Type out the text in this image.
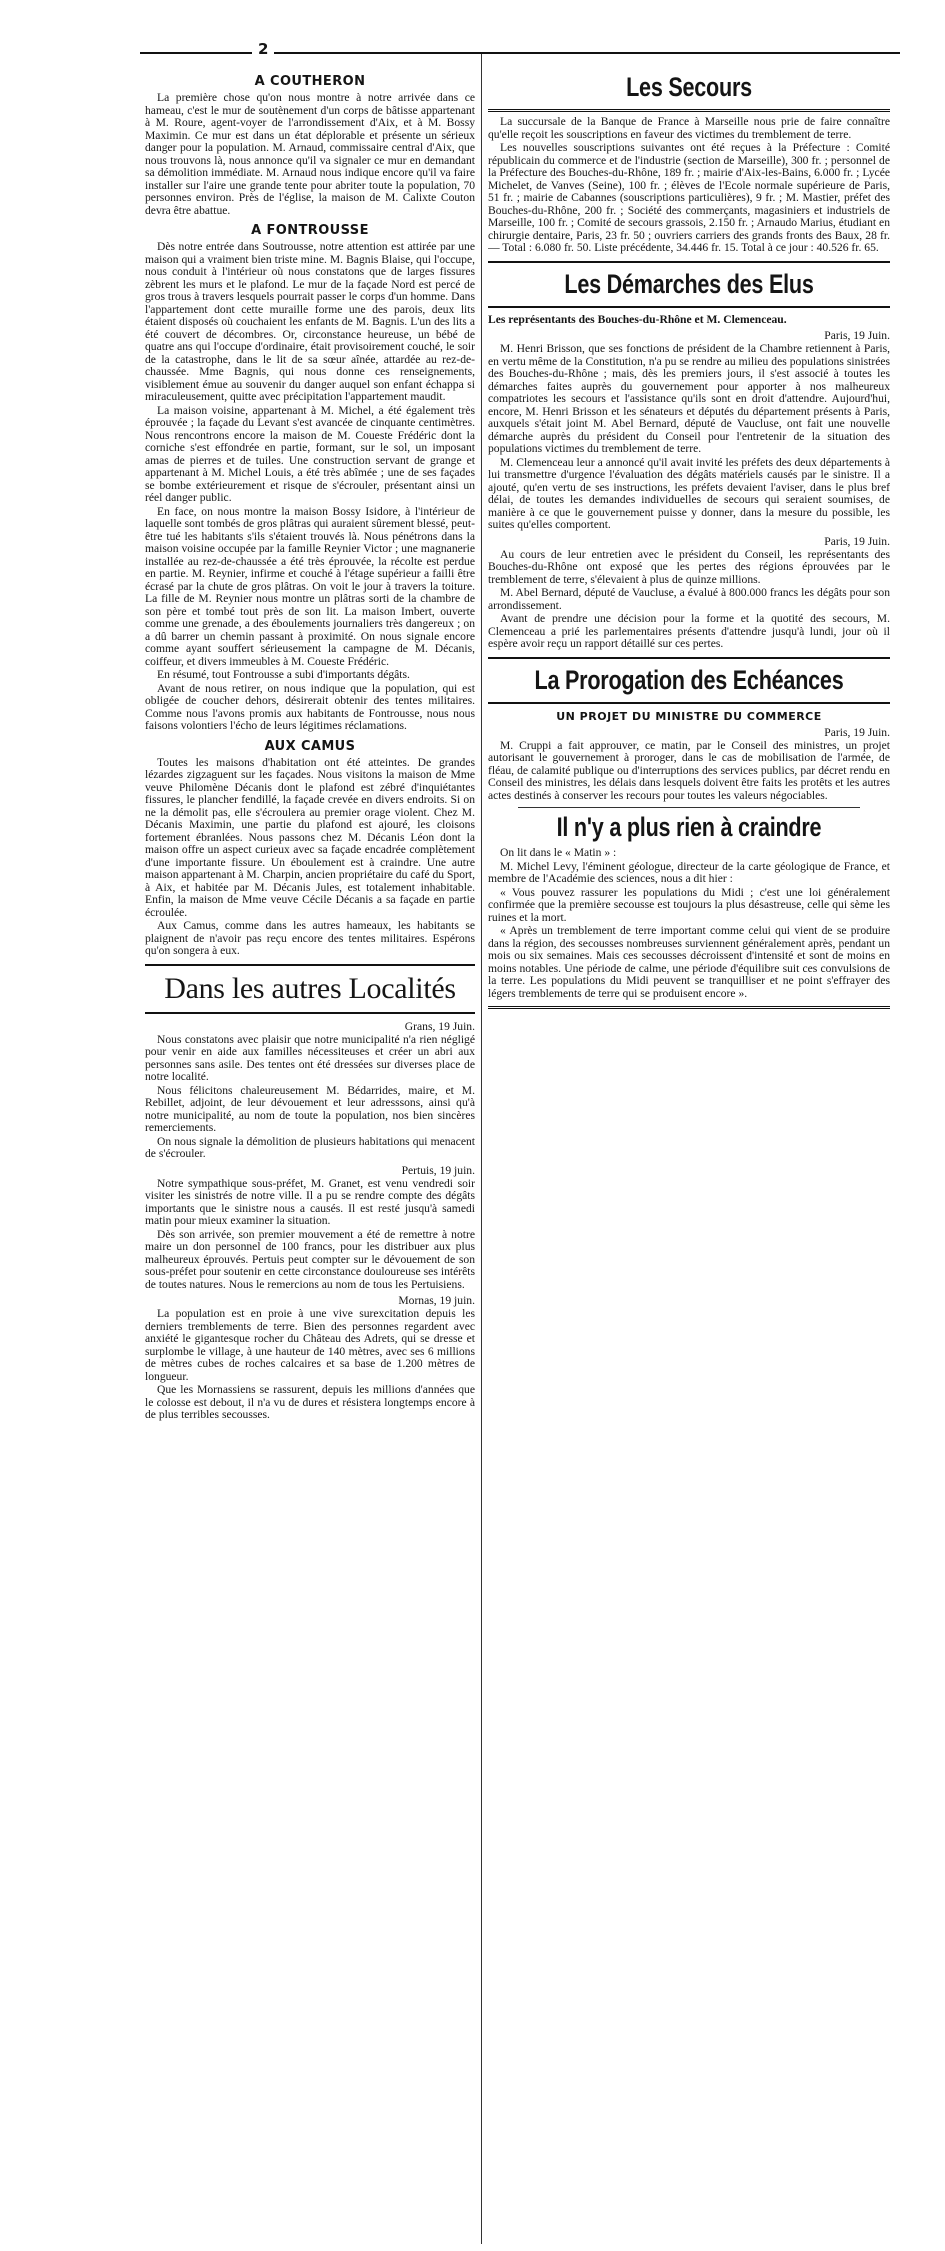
2
A COUTHERON

La première chose qu'on nous montre à notre arrivée dans ce hameau, c'est le mur de soutènement d'un corps de bâtisse appartenant à M. Roure, agent-voyer de l'arrondissement d'Aix, et à M. Bossy Maximin. Ce mur est dans un état déplorable et présente un sérieux danger pour la population. M. Arnaud, commissaire central d'Aix, que nous trouvons là, nous annonce qu'il va signaler ce mur en demandant sa démolition immédiate. M. Arnaud nous indique encore qu'il va faire installer sur l'aire une grande tente pour abriter toute la population, 70 personnes environ. Près de l'église, la maison de M. Calixte Couton devra être abattue.

A FONTROUSSE

Dès notre entrée dans Soutrousse, notre attention est attirée par une maison qui a vraiment bien triste mine. M. Bagnis Blaise, qui l'occupe, nous conduit à l'intérieur où nous constatons que de larges fissures zèbrent les murs et le plafond. Le mur de la façade Nord est percé de gros trous à travers lesquels pourrait passer le corps d'un homme. Dans l'appartement dont cette muraille forme une des parois, deux lits étaient disposés où couchaient les enfants de M. Bagnis. L'un des lits a été couvert de décombres. Or, circonstance heureuse, un bébé de quatre ans qui l'occupe d'ordinaire, était provisoirement couché, le soir de la catastrophe, dans le lit de sa sœur aînée, attardée au rez-de-chaussée. Mme Bagnis, qui nous donne ces renseignements, visiblement émue au souvenir du danger auquel son enfant échappa si miraculeusement, quitte avec précipitation l'appartement maudit.

La maison voisine, appartenant à M. Michel, a été également très éprouvée ; la façade du Levant s'est avancée de cinquante centimètres. Nous rencontrons encore la maison de M. Coueste Frédéric dont la corniche s'est effondrée en partie, formant, sur le sol, un imposant amas de pierres et de tuiles. Une construction servant de grange et appartenant à M. Michel Louis, a été très abîmée ; une de ses façades se bombe extérieurement et risque de s'écrouler, présentant ainsi un réel danger public.

En face, on nous montre la maison Bossy Isidore, à l'intérieur de laquelle sont tombés de gros plâtras qui auraient sûrement blessé, peut-être tué les habitants s'ils s'étaient trouvés là. Nous pénétrons dans la maison voisine occupée par la famille Reynier Victor ; une magnanerie installée au rez-de-chaussée a été très éprouvée, la récolte est perdue en partie. M. Reynier, infirme et couché à l'étage supérieur a failli être écrasé par la chute de gros plâtras. On voit le jour à travers la toiture. La fille de M. Reynier nous montre un plâtras sorti de la chambre de son père et tombé tout près de son lit. La maison Imbert, ouverte comme une grenade, a des éboulements journaliers très dangereux ; on a dû barrer un chemin passant à proximité. On nous signale encore comme ayant souffert sérieusement la campagne de M. Décanis, coiffeur, et divers immeubles à M. Coueste Frédéric.

En résumé, tout Fontrousse a subi d'importants dégâts.

Avant de nous retirer, on nous indique que la population, qui est obligée de coucher dehors, désirerait obtenir des tentes militaires. Comme nous l'avons promis aux habitants de Fontrousse, nous nous faisons volontiers l'écho de leurs légitimes réclamations.

AUX CAMUS

Toutes les maisons d'habitation ont été atteintes. De grandes lézardes zigzaguent sur les façades. Nous visitons la maison de Mme veuve Philomène Décanis dont le plafond est zébré d'inquiétantes fissures, le plancher fendillé, la façade crevée en divers endroits. Si on ne la démolit pas, elle s'écroulera au premier orage violent. Chez M. Décanis Maximin, une partie du plafond est ajouré, les cloisons fortement ébranlées. Nous passons chez M. Décanis Léon dont la maison offre un aspect curieux avec sa façade encadrée complètement d'une importante fissure. Un éboulement est à craindre. Une autre maison appartenant à M. Charpin, ancien propriétaire du café du Sport, à Aix, et habitée par M. Décanis Jules, est totalement inhabitable. Enfin, la maison de Mme veuve Cécile Décanis a sa façade en partie écroulée.

Aux Camus, comme dans les autres hameaux, les habitants se plaignent de n'avoir pas reçu encore des tentes militaires. Espérons qu'on songera à eux.

Dans les autres Localités
Grans, 19 Juin.

Nous constatons avec plaisir que notre municipalité n'a rien négligé pour venir en aide aux familles nécessiteuses et créer un abri aux personnes sans asile. Des tentes ont été dressées sur diverses place de notre localité.

Nous félicitons chaleureusement M. Bédarrides, maire, et M. Rebillet, adjoint, de leur dévouement et leur adresssons, ainsi qu'à notre municipalité, au nom de toute la population, nos bien sincères remerciements.

On nous signale la démolition de plusieurs habitations qui menacent de s'écrouler.

Pertuis, 19 juin.

Notre sympathique sous-préfet, M. Granet, est venu vendredi soir visiter les sinistrés de notre ville. Il a pu se rendre compte des dégâts importants que le sinistre nous a causés. Il est resté jusqu'à samedi matin pour mieux examiner la situation.

Dès son arrivée, son premier mouvement a été de remettre à notre maire un don personnel de 100 francs, pour les distribuer aux plus malheureux éprouvés. Pertuis peut compter sur le dévouement de son sous-préfet pour soutenir en cette circonstance douloureuse ses intérêts de toutes natures. Nous le remercions au nom de tous les Pertuisiens.

Mornas, 19 juin.

La population est en proie à une vive surexcitation depuis les derniers tremblements de terre. Bien des personnes regardent avec anxiété le gigantesque rocher du Château des Adrets, qui se dresse et surplombe le village, à une hauteur de 140 mètres, avec ses 6 millions de mètres cubes de roches calcaires et sa base de 1.200 mètres de longueur.

Que les Mornassiens se rassurent, depuis les millions d'années que le colosse est debout, il n'a vu de dures et résistera longtemps encore à de plus terribles secousses.

Les Secours

La succursale de la Banque de France à Marseille nous prie de faire connaître qu'elle reçoit les souscriptions en faveur des victimes du tremblement de terre.

Les nouvelles souscriptions suivantes ont été reçues à la Préfecture : Comité républicain du commerce et de l'industrie (section de Marseille), 300 fr. ; personnel de la Préfecture des Bouches-du-Rhône, 189 fr. ; mairie d'Aix-les-Bains, 6.000 fr. ; Lycée Michelet, de Vanves (Seine), 100 fr. ; élèves de l'Ecole normale supérieure de Paris, 51 fr. ; mairie de Cabannes (souscriptions particulières), 9 fr. ; M. Mastier, préfet des Bouches-du-Rhône, 200 fr. ; Société des commerçants, magasiniers et industriels de Marseille, 100 fr. ; Comité de secours grassois, 2.150 fr. ; Arnaudo Marius, étudiant en chirurgie dentaire, Paris, 23 fr. 50 ; ouvriers carriers des grands fronts des Baux, 28 fr. — Total : 6.080 fr. 50. Liste précédente, 34.446 fr. 15. Total à ce jour : 40.526 fr. 65.

Les Démarches des Elus
Les représentants des Bouches-du-Rhône et M. Clemenceau.
Paris, 19 Juin.

M. Henri Brisson, que ses fonctions de président de la Chambre retiennent à Paris, en vertu même de la Constitution, n'a pu se rendre au milieu des populations sinistrées des Bouches-du-Rhône ; mais, dès les premiers jours, il s'est associé à toutes les démarches faites auprès du gouvernement pour apporter à nos malheureux compatriotes les secours et l'assistance qu'ils sont en droit d'attendre. Aujourd'hui, encore, M. Henri Brisson et les sénateurs et députés du département présents à Paris, auxquels s'était joint M. Abel Bernard, député de Vaucluse, ont fait une nouvelle démarche auprès du président du Conseil pour l'entretenir de la situation des populations victimes du tremblement de terre.

M. Clemenceau leur a annoncé qu'il avait invité les préfets des deux départements à lui transmettre d'urgence l'évaluation des dégâts matériels causés par le sinistre. Il a ajouté, qu'en vertu de ses instructions, les préfets devaient l'aviser, dans le plus bref délai, de toutes les demandes individuelles de secours qui seraient soumises, de manière à ce que le gouvernement puisse y donner, dans la mesure du possible, les suites qu'elles comportent.

Paris, 19 Juin.

Au cours de leur entretien avec le président du Conseil, les représentants des Bouches-du-Rhône ont exposé que les pertes des régions éprouvées par le tremblement de terre, s'élevaient à plus de quinze millions.

M. Abel Bernard, député de Vaucluse, a évalué à 800.000 francs les dégâts pour son arrondissement.

Avant de prendre une décision pour la forme et la quotité des secours, M. Clemenceau a prié les parlementaires présents d'attendre jusqu'à lundi, jour où il espère avoir reçu un rapport détaillé sur ces pertes.

La Prorogation des Echéances
UN PROJET DU MINISTRE DU COMMERCE
Paris, 19 Juin.

M. Cruppi a fait approuver, ce matin, par le Conseil des ministres, un projet autorisant le gouvernement à proroger, dans le cas de mobilisation de l'armée, de fléau, de calamité publique ou d'interruptions des services publics, par décret rendu en Conseil des ministres, les délais dans lesquels doivent être faits les protêts et les autres actes destinés à conserver les recours pour toutes les valeurs négociables.

Il n'y a plus rien à craindre

On lit dans le « Matin » :

M. Michel Levy, l'éminent géologue, directeur de la carte géologique de France, et membre de l'Académie des sciences, nous a dit hier :

« Vous pouvez rassurer les populations du Midi ; c'est une loi généralement confirmée que la première secousse est toujours la plus désastreuse, celle qui sème les ruines et la mort.

« Après un tremblement de terre important comme celui qui vient de se produire dans la région, des secousses nombreuses surviennent généralement après, pendant un mois ou six semaines. Mais ces secousses décroissent d'intensité et sont de moins en moins notables. Une période de calme, une période d'équilibre suit ces convulsions de la terre. Les populations du Midi peuvent se tranquilliser et ne point s'effrayer des légers tremblements de terre qui se produisent encore ».
